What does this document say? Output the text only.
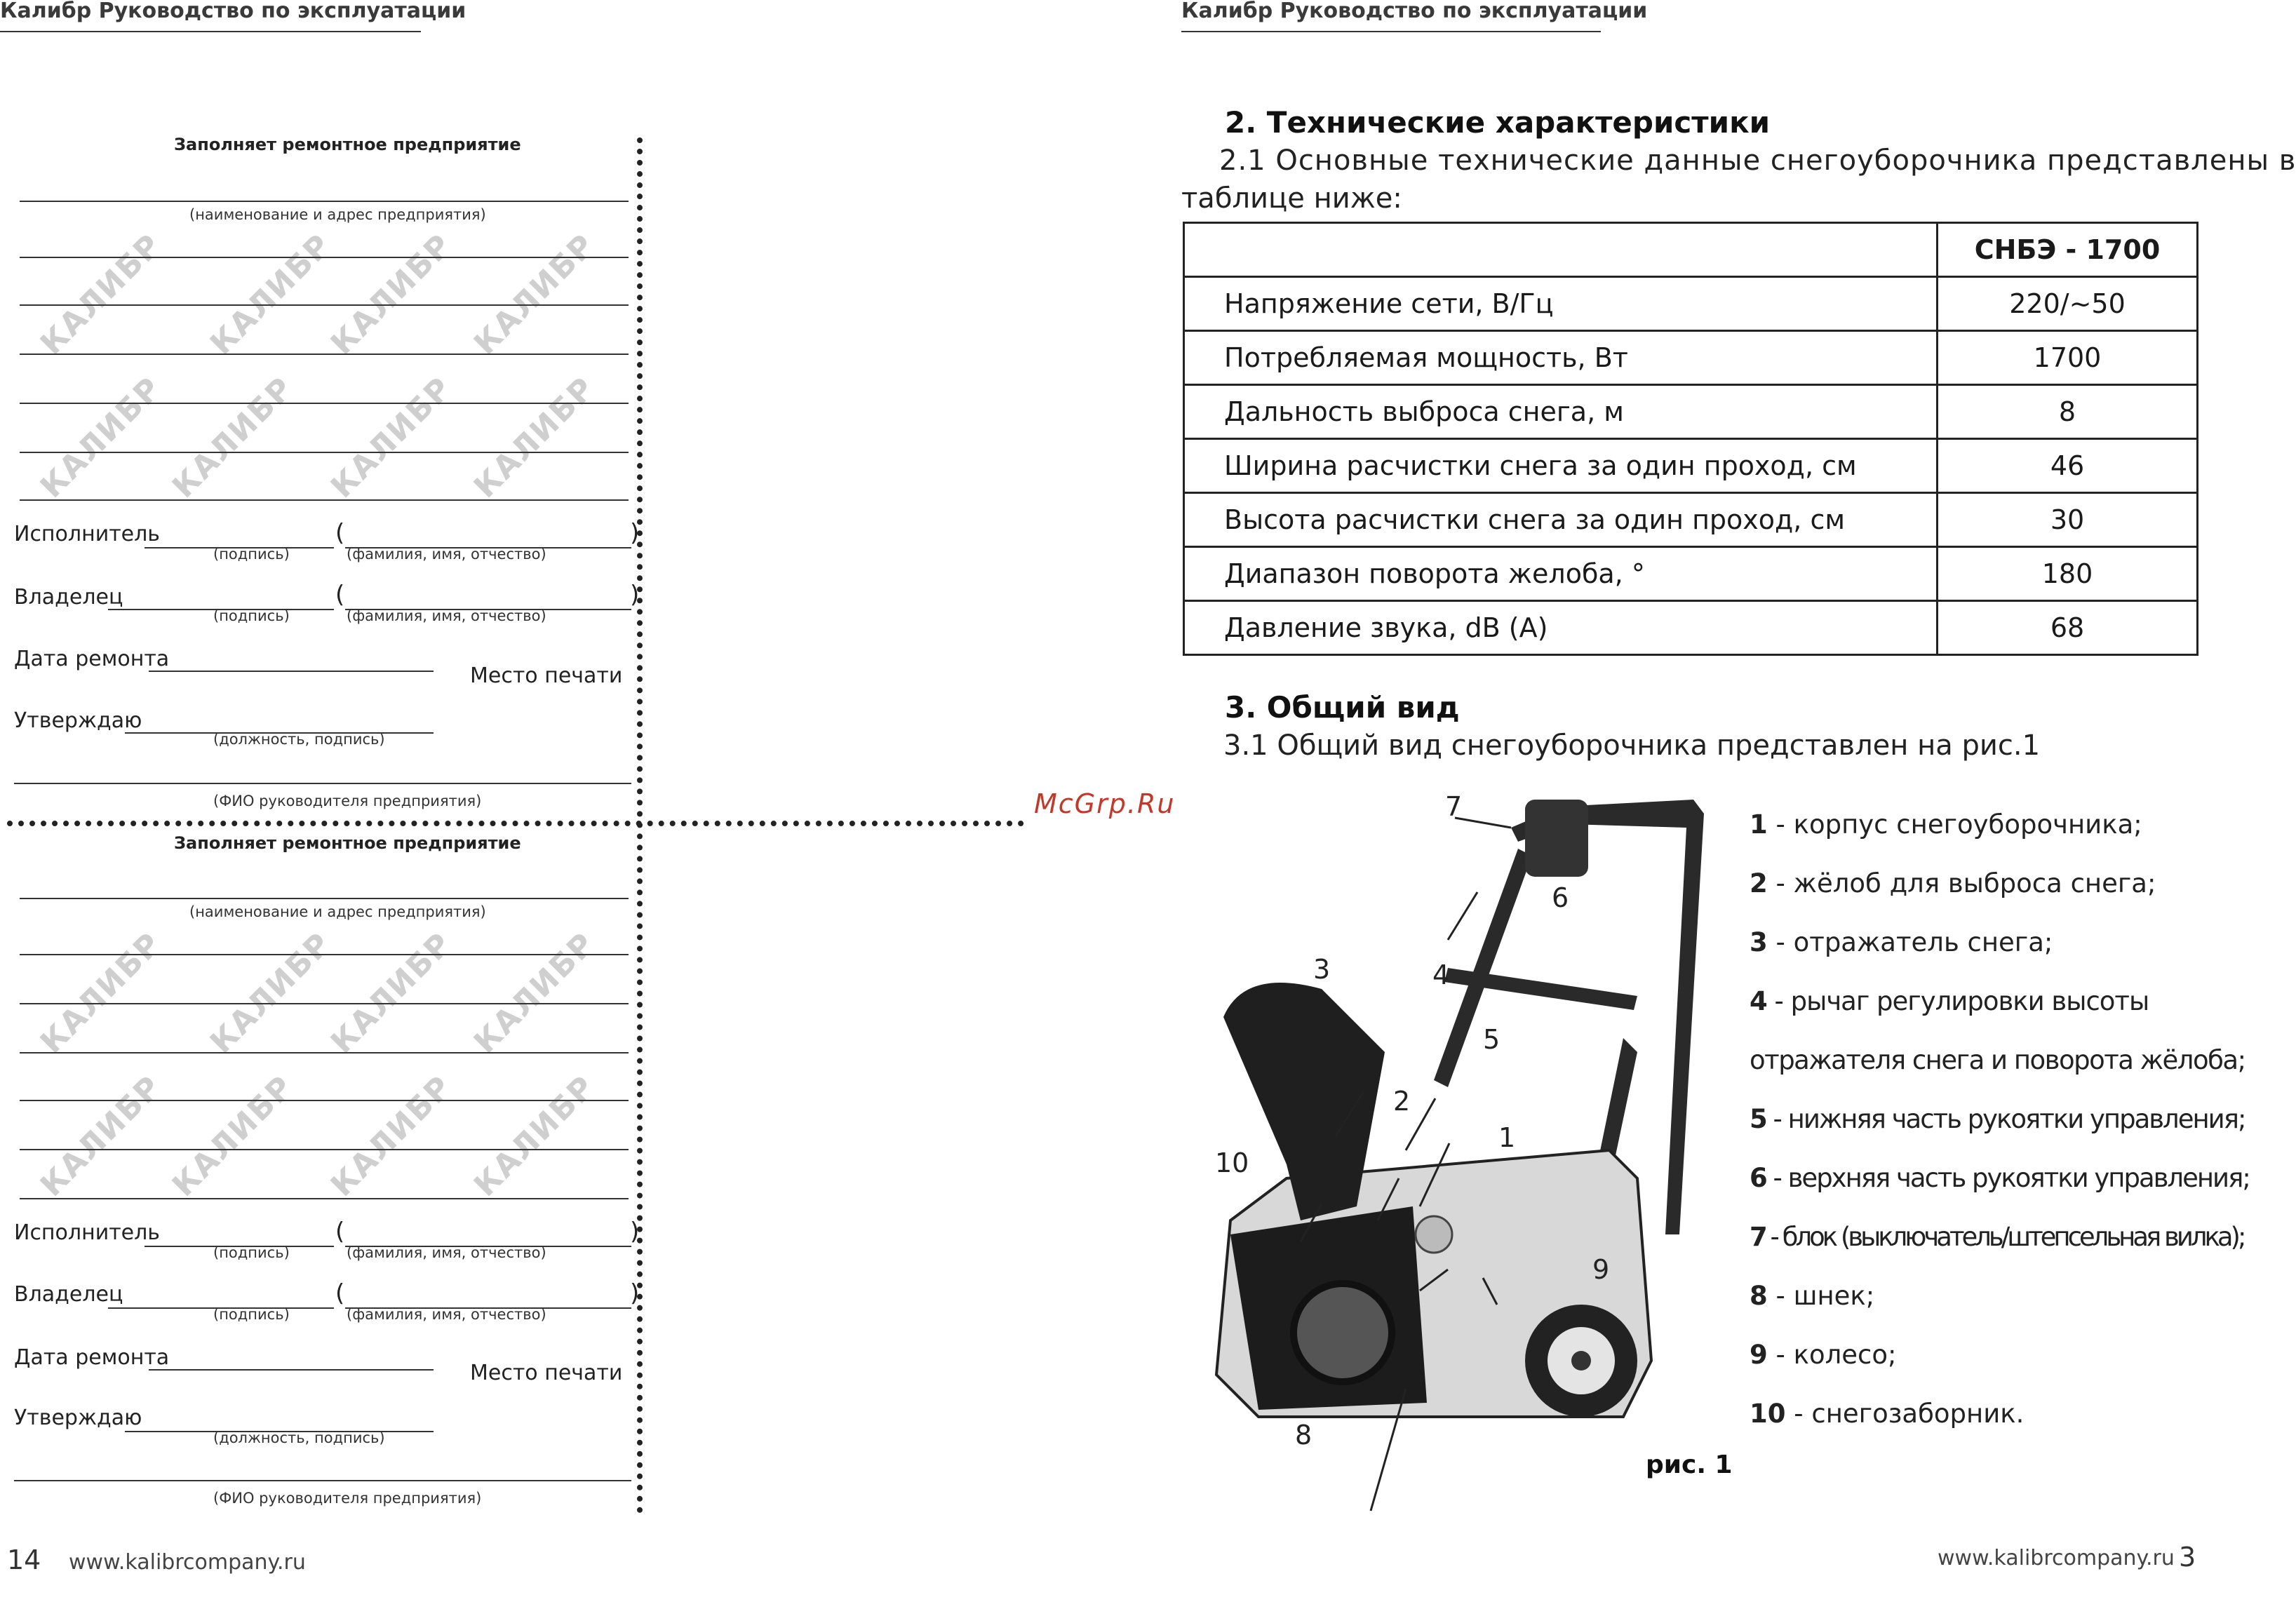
Калибр Руководство по эксплуатации	Калибр Руководство по эксплуатации
КАЛИБР КАЛИБР
КАЛИБР КАЛИБР
КАЛИБР
КАЛИБР КАЛИБР КАЛИБР
КАЛИБР КАЛИБР
КАЛИБР КАЛИБР
КАЛИБР
КАЛИБР КАЛИБР КАЛИБР
Заполняет ремонтное предприятие
(наименование и адрес предприятия)
Исполнитель	(	)
(подпись)	(фамилия, имя, отчество)
Владелец	(	)
(подпись)	(фамилия, имя, отчество)
Дата ремонта
Место печати
Утверждаю
(должность, подпись)
(ФИО руководителя предприятия)
Заполняет ремонтное предприятие
(наименование и адрес предприятия)
Исполнитель	(	)
(подпись)	(фамилия, имя, отчество)
Владелец	(	)
(подпись)	(фамилия, имя, отчество)
Дата ремонта
Место печати
Утверждаю
(должность, подпись)
(ФИО руководителя предприятия)
McGrp.Ru
2. Технические характеристики
2.1 Основные технические данные снегоуборочника представлены в
таблице ниже:
	СНБЭ - 1700
Напряжение сети, В/Гц	220/~50
Потребляемая мощность, Вт	1700
Дальность выброса снега, м	8
Ширина расчистки снега за один проход, см	46
Высота расчистки снега за один проход, см	30
Диапазон поворота желоба, °	180
Давление звука, dB (A)	68
3. Общий вид
3.1 Общий вид снегоуборочника представлен на рис.1
7
6
3	4
5
2
1
10
9
8
рис. 1
1 - корпус снегоуборочника;
2 - жёлоб для выброса снега;
3 - отражатель снега;
4 - рычаг регулировки высоты
отражателя снега и поворота жёлоба;
5 - нижняя часть рукоятки управления;
6 - верхняя часть рукоятки управления;
7 - блок (выключатель/штепсельная вилка);
8 - шнек;
9 - колесо;
10 - снегозаборник.
14 www.kalibrcompany.ru	www.kalibrcompany.ru 3
